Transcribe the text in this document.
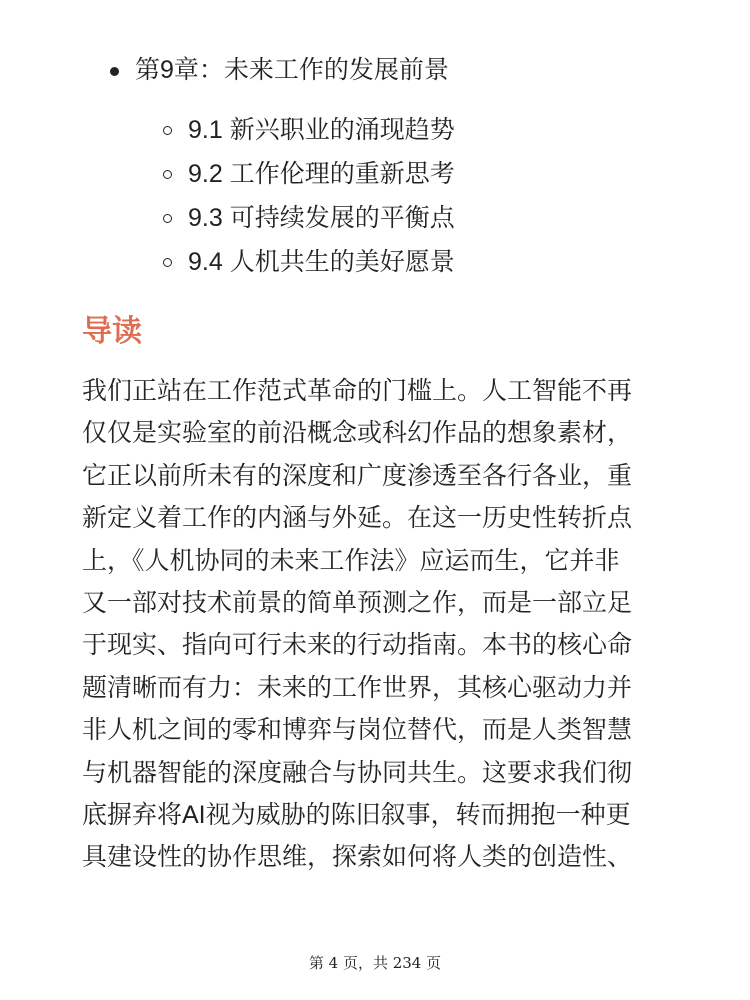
第9章：未来工作的发展前景
9.1 新兴职业的涌现趋势
9.2 工作伦理的重新思考
9.3 可持续发展的平衡点
9.4 人机共生的美好愿景
导读

我们正站在工作范式革命的门槛上。人工智能不再
仅仅是实验室的前沿概念或科幻作品的想象素材，
它正以前所未有的深度和广度渗透至各行各业，重
新定义着工作的内涵与外延。在这一历史性转折点
上，《人机协同的未来工作法》应运而生，它并非
又一部对技术前景的简单预测之作，而是一部立足
于现实、指向可行未来的行动指南。本书的核心命
题清晰而有力：未来的工作世界，其核心驱动力并
非人机之间的零和博弈与岗位替代，而是人类智慧
与机器智能的深度融合与协同共生。这要求我们彻
底摒弃将AI视为威胁的陈旧叙事，转而拥抱一种更
具建设性的协作思维，探索如何将人类的创造性、

第 4 页，共 234 页
